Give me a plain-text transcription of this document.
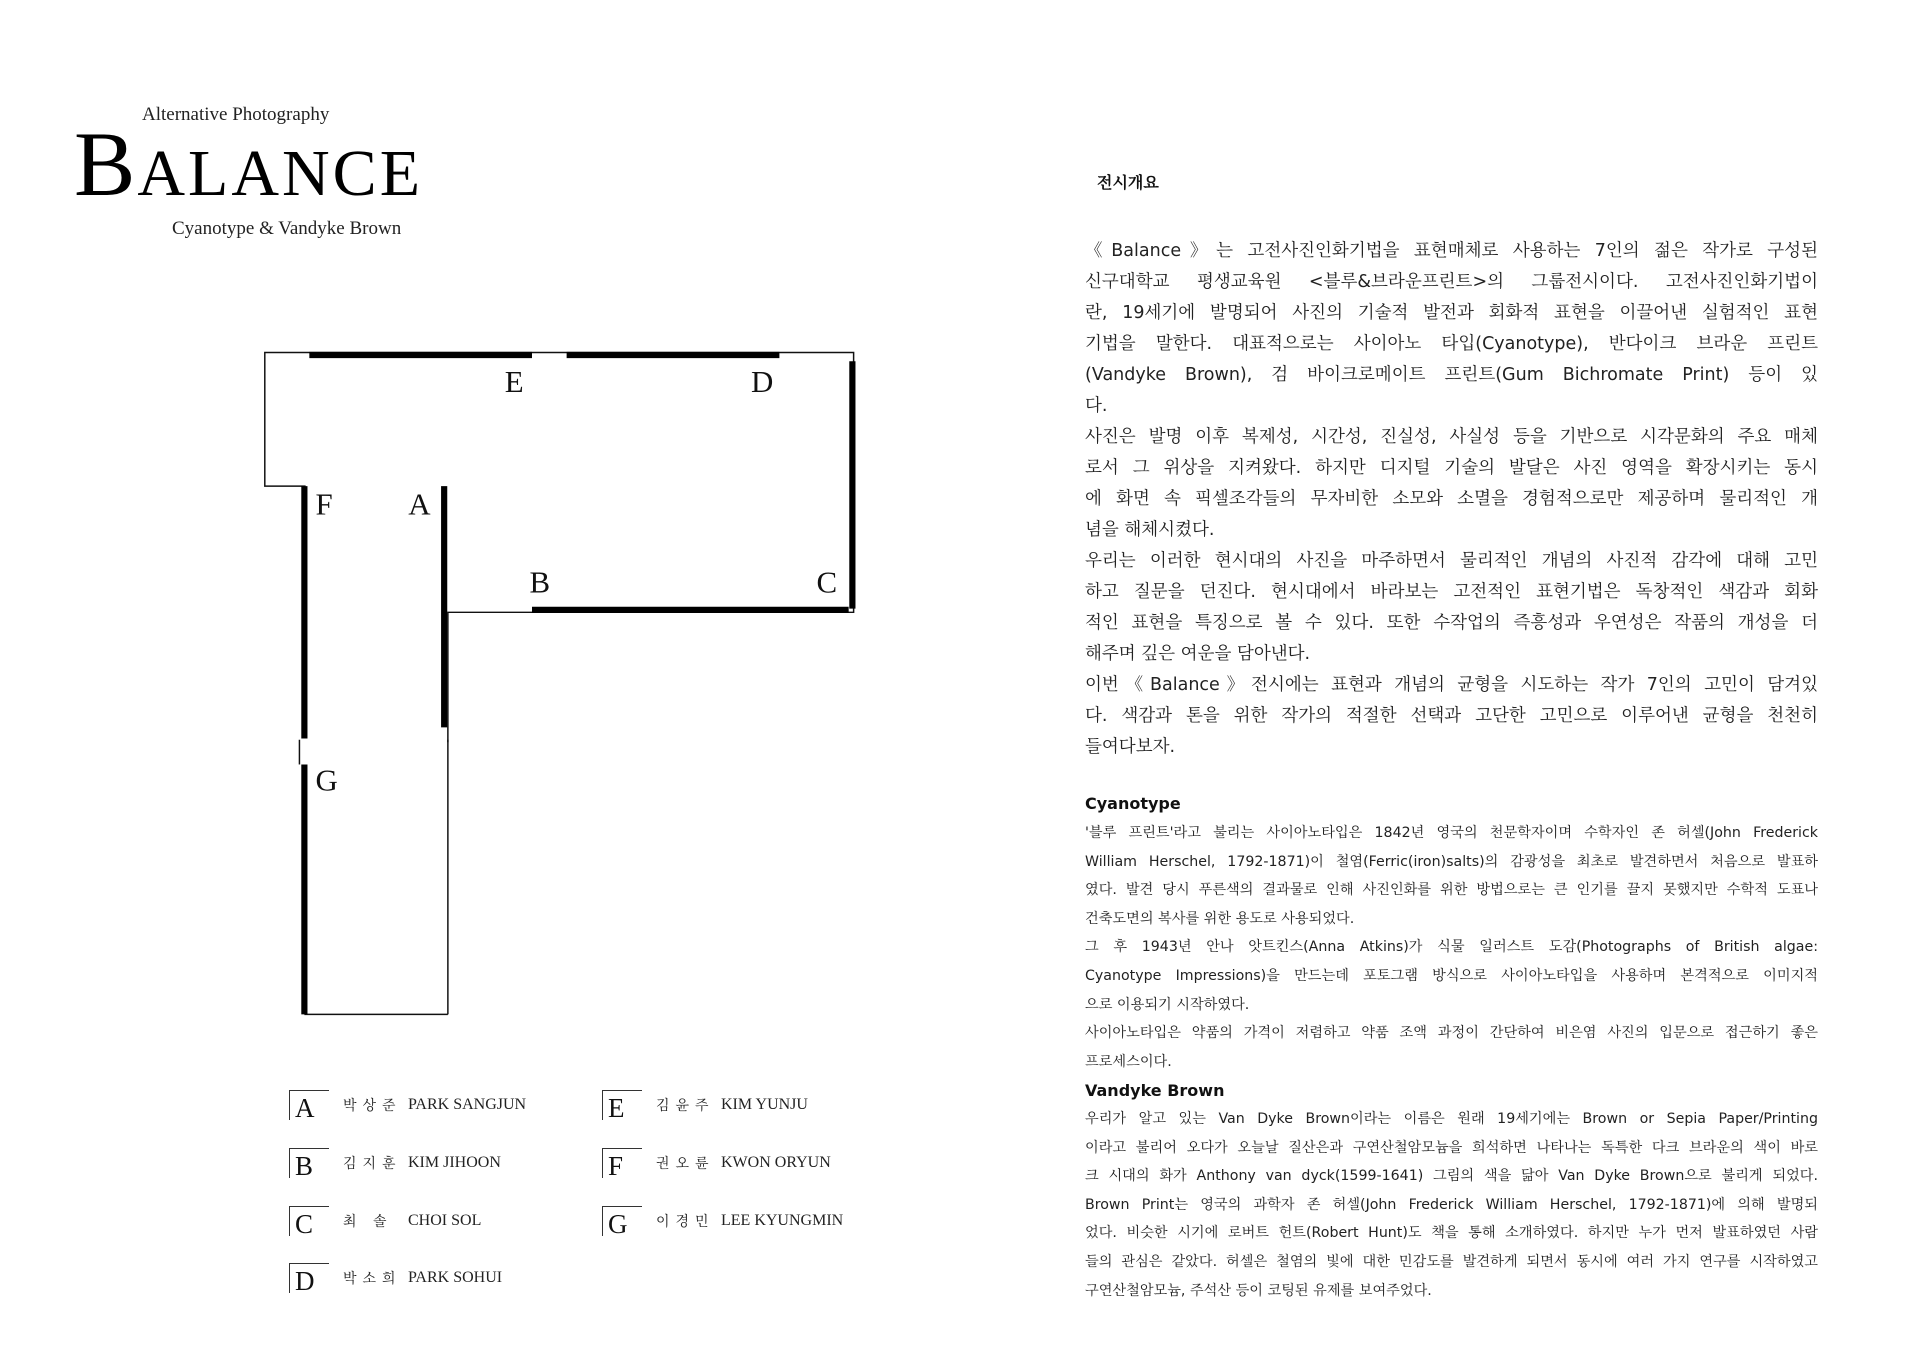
Alternative Photography
BALANCE
Cyanotype & Vandyke Brown
E	D
F	A
B	C
G
A	박상준 PARK SANGJUN
B	김지훈 KIM JIHOON
C	최 솔 CHOI SOL
D	박소희 PARK SOHUI
E	김윤주 KIM YUNJU
F	권오륜 KWON ORYUN
G	이경민 LEE KYUNGMIN
전시개요
《Balance》는 고전사진인화기법을 표현매체로 사용하는 7인의 젊은 작가로 구성된
신구대학교 평생교육원 <블루&브라운프린트>의 그룹전시이다. 고전사진인화기법이
란, 19세기에 발명되어 사진의 기술적 발전과 회화적 표현을 이끌어낸 실험적인 표현
기법을 말한다. 대표적으로는 사이아노 타입(Cyanotype), 반다이크 브라운 프린트
(Vandyke Brown), 검 바이크로메이트 프린트(Gum Bichromate Print) 등이 있
다.
사진은 발명 이후 복제성, 시간성, 진실성, 사실성 등을 기반으로 시각문화의 주요 매체
로서 그 위상을 지켜왔다. 하지만 디지털 기술의 발달은 사진 영역을 확장시키는 동시
에 화면 속 픽셀조각들의 무자비한 소모와 소멸을 경험적으로만 제공하며 물리적인 개
념을 해체시켰다.
우리는 이러한 현시대의 사진을 마주하면서 물리적인 개념의 사진적 감각에 대해 고민
하고 질문을 던진다. 현시대에서 바라보는 고전적인 표현기법은 독창적인 색감과 회화
적인 표현을 특징으로 볼 수 있다. 또한 수작업의 즉흥성과 우연성은 작품의 개성을 더
해주며 깊은 여운을 담아낸다.
이번《Balance》전시에는 표현과 개념의 균형을 시도하는 작가 7인의 고민이 담겨있
다. 색감과 톤을 위한 작가의 적절한 선택과 고단한 고민으로 이루어낸 균형을 천천히
들여다보자.
Cyanotype
'블루 프린트'라고 불리는 사이아노타입은 1842년 영국의 천문학자이며 수학자인 존 허셀(John Frederick
William Herschel, 1792-1871)이 철염(Ferric(iron)salts)의 감광성을 최초로 발견하면서 처음으로 발표하
였다. 발견 당시 푸른색의 결과물로 인해 사진인화를 위한 방법으로는 큰 인기를 끌지 못했지만 수학적 도표나
건축도면의 복사를 위한 용도로 사용되었다.
그 후 1943년 안나 앗트킨스(Anna Atkins)가 식물 일러스트 도감(Photographs of British algae:
Cyanotype Impressions)을 만드는데 포토그램 방식으로 사이아노타입을 사용하며 본격적으로 이미지적
으로 이용되기 시작하였다.
사이아노타입은 약품의 가격이 저렴하고 약품 조액 과정이 간단하여 비은염 사진의 입문으로 접근하기 좋은
프로세스이다.
Vandyke Brown
우리가 알고 있는 Van Dyke Brown이라는 이름은 원래 19세기에는 Brown or Sepia Paper/Printing
이라고 불리어 오다가 오늘날 질산은과 구연산철암모늄을 희석하면 나타나는 독특한 다크 브라운의 색이 바로
크 시대의 화가 Anthony van dyck(1599-1641) 그림의 색을 닮아 Van Dyke Brown으로 불리게 되었다.
Brown Print는 영국의 과학자 존 허셀(John Frederick William Herschel, 1792-1871)에 의해 발명되
었다. 비슷한 시기에 로버트 헌트(Robert Hunt)도 책을 통해 소개하였다. 하지만 누가 먼저 발표하였던 사람
들의 관심은 같았다. 허셀은 철염의 빛에 대한 민감도를 발견하게 되면서 동시에 여러 가지 연구를 시작하였고
구연산철암모늄, 주석산 등이 코팅된 유제를 보여주었다.
